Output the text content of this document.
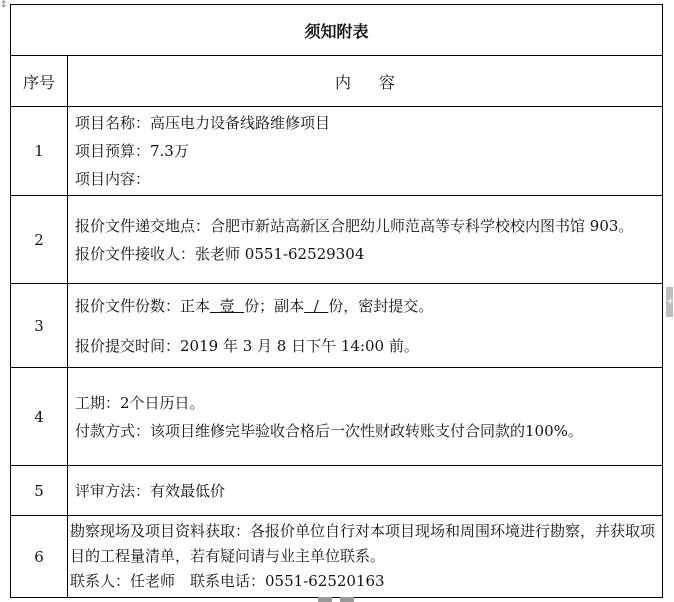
↕
须知附表	
序号	内容
1	项目名称：高压电力设备线路维修项目
项目预算：7.3万
项目内容：

2	报价文件递交地点：合肥市新站高新区合肥幼儿师范高等专科学校校内图书馆 903。
报价文件接收人：张老师 0551-62529304

3	报价文件份数：正本 壹 份；副本 / 份，密封提交。
报价提交时间：2019 年 3 月 8 日下午 14:00 前。

4	工期：2个日历日。
付款方式：该项目维修完毕验收合格后一次性财政转账支付合同款的100%。

5	评审方法：有效最低价

6	勘察现场及项目资料获取：各报价单位自行对本项目现场和周围环境进行勘察，并获取项目的工程量清单，若有疑问请与业主单位联系。
联系人：任老师　联系电话：0551-62520163
+
